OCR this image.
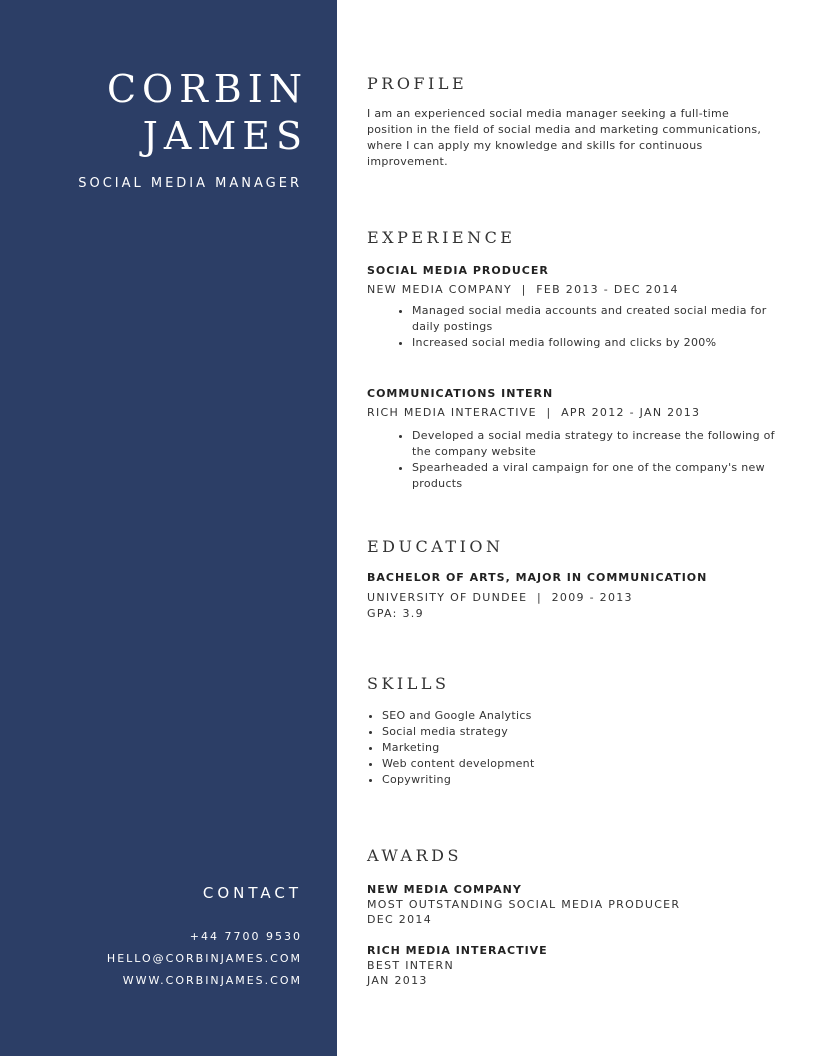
CORBIN
JAMES
SOCIAL MEDIA MANAGER
CONTACT
+44 7700 9530
HELLO@CORBINJAMES.COM
WWW.CORBINJAMES.COM
PROFILE
I am an experienced social media manager seeking a full-time position in the field of social media and marketing communications, where I can apply my knowledge and skills for continuous improvement.
EXPERIENCE
SOCIAL MEDIA PRODUCER
NEW MEDIA COMPANY  |  FEB 2013 - DEC 2014
• Managed social media accounts and created social media for daily postings
• Increased social media following and clicks by 200%
COMMUNICATIONS INTERN
RICH MEDIA INTERACTIVE  |  APR 2012 - JAN 2013
• Developed a social media strategy to increase the following of the company website
• Spearheaded a viral campaign for one of the company's new products
EDUCATION
BACHELOR OF ARTS, MAJOR IN COMMUNICATION
UNIVERSITY OF DUNDEE  |  2009 - 2013
GPA: 3.9
SKILLS
• SEO and Google Analytics
• Social media strategy
• Marketing
• Web content development
• Copywriting
AWARDS
NEW MEDIA COMPANY
MOST OUTSTANDING SOCIAL MEDIA PRODUCER
DEC 2014
RICH MEDIA INTERACTIVE
BEST INTERN
JAN 2013
